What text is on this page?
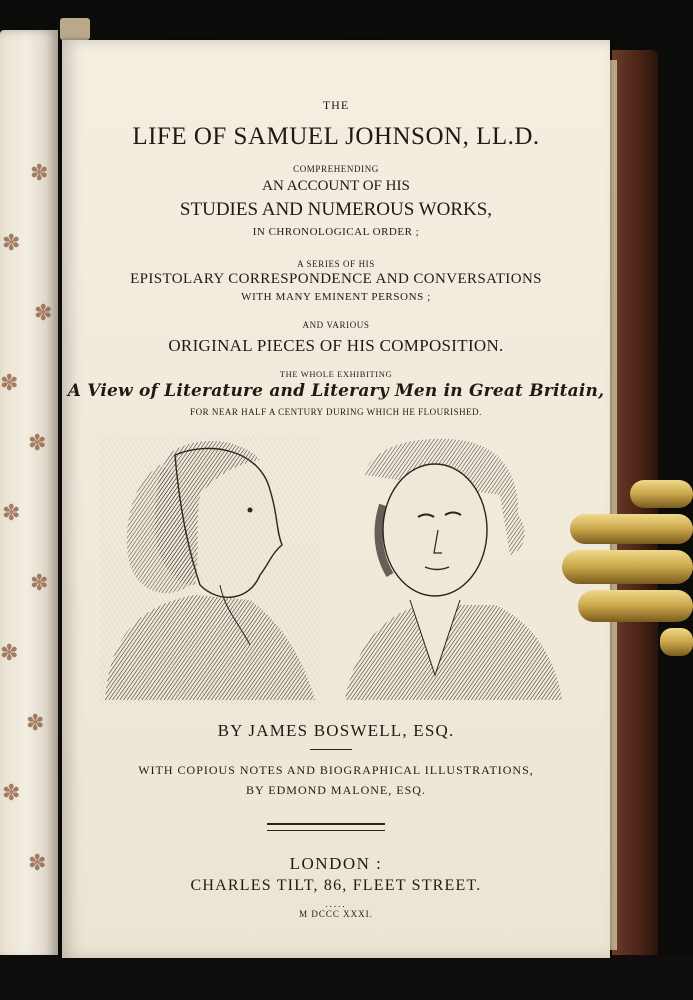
✽
✽
✽
✽
✽
✽
✽
✽
✽
✽
✽
THE
LIFE OF SAMUEL JOHNSON, LL.D.
COMPREHENDING
AN ACCOUNT OF HIS
STUDIES AND NUMEROUS WORKS,
IN CHRONOLOGICAL ORDER ;
A SERIES OF HIS
EPISTOLARY CORRESPONDENCE AND CONVERSATIONS
WITH MANY EMINENT PERSONS ;
AND VARIOUS
ORIGINAL PIECES OF HIS COMPOSITION.
THE WHOLE EXHIBITING
A View of Literature and Literary Men in Great Britain,
FOR NEAR HALF A CENTURY DURING WHICH HE FLOURISHED.
BY JAMES BOSWELL, ESQ.
WITH COPIOUS NOTES AND BIOGRAPHICAL ILLUSTRATIONS,
BY EDMOND MALONE, ESQ.
LONDON :
CHARLES TILT, 86, FLEET STREET.
.....
M DCCC XXXI.
